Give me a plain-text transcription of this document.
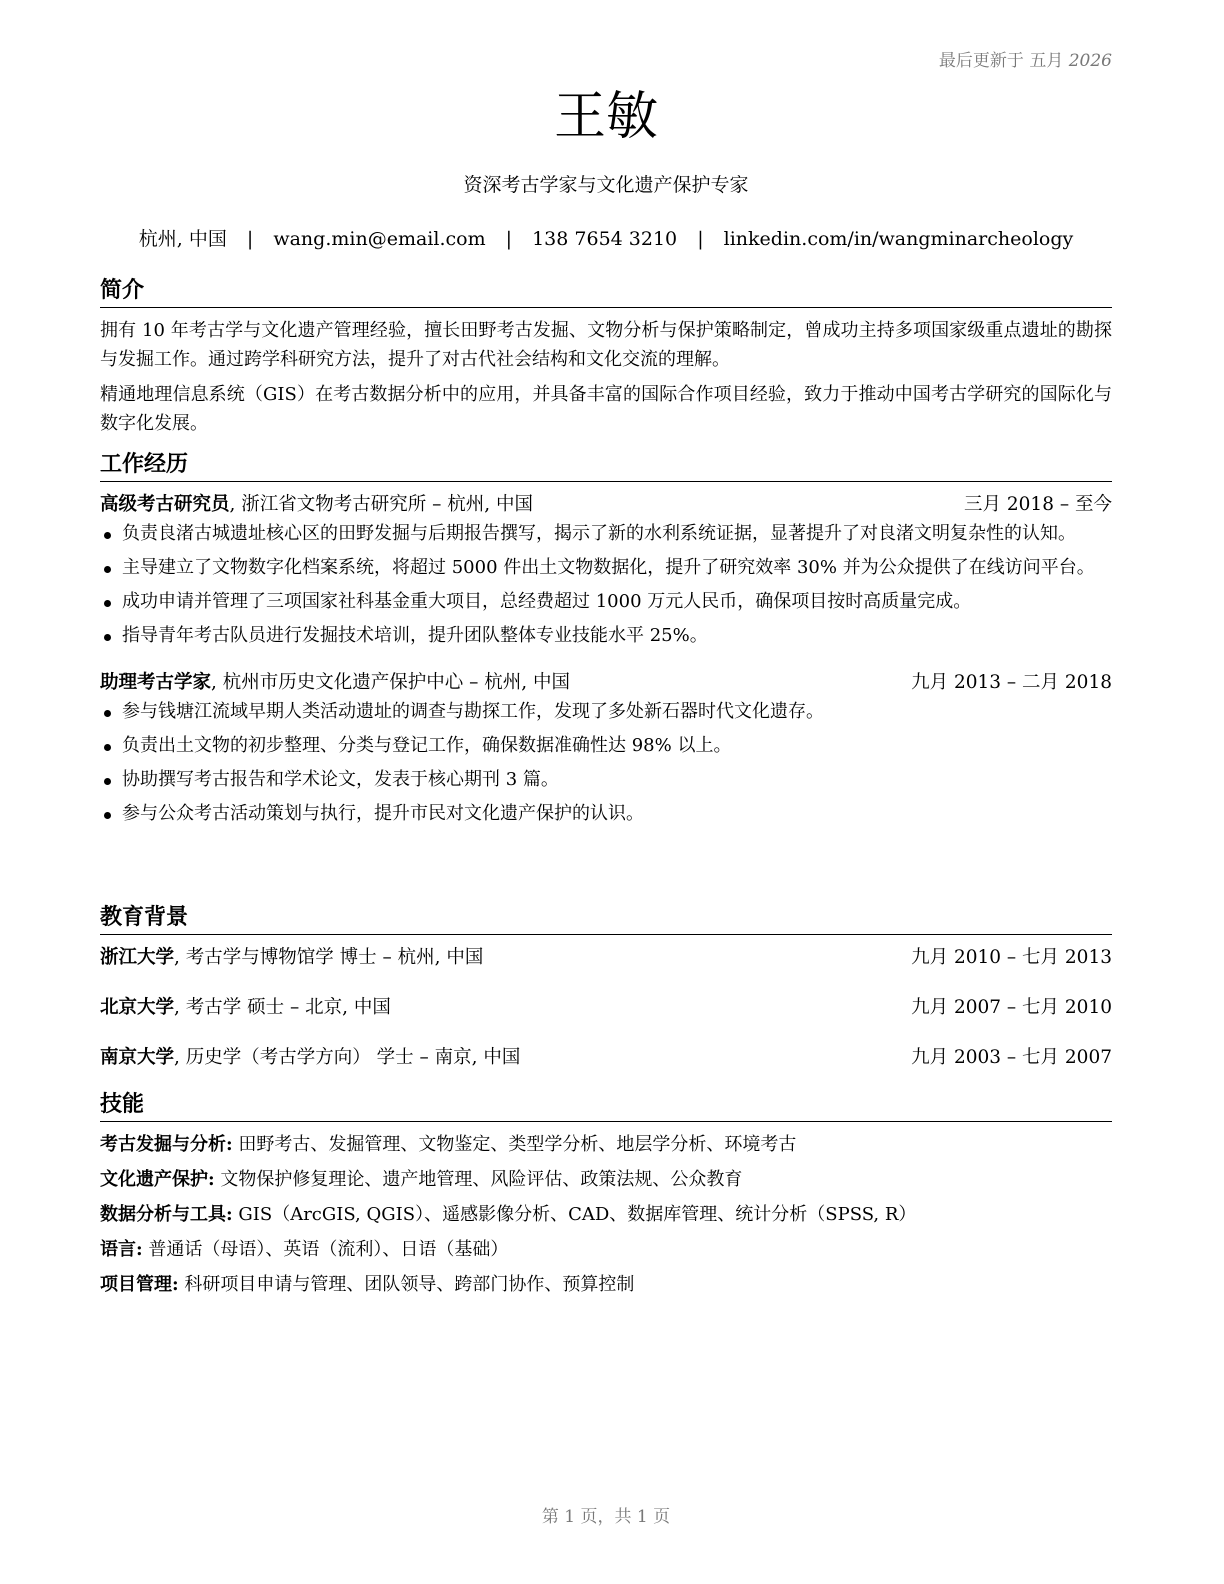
最后更新于 五月 2026
王敏
资深考古学家与文化遗产保护专家
杭州, 中国 | wang.min@email.com | 138 7654 3210 | linkedin.com/in/wangminarcheology
简介

拥有 10 年考古学与文化遗产管理经验，擅长田野考古发掘、文物分析与保护策略制定，曾成功主持多项国家级重点遗址的勘探与发掘工作。通过跨学科研究方法，提升了对古代社会结构和文化交流的理解。

精通地理信息系统（GIS）在考古数据分析中的应用，并具备丰富的国际合作项目经验，致力于推动中国考古学研究的国际化与数字化发展。

工作经历
高级考古研究员, 浙江省文物考古研究所 – 杭州, 中国	三月 2018 – 至今
负责良渚古城遗址核心区的田野发掘与后期报告撰写，揭示了新的水利系统证据，显著提升了对良渚文明复杂性的认知。
主导建立了文物数字化档案系统，将超过 5000 件出土文物数据化，提升了研究效率 30% 并为公众提供了在线访问平台。
成功申请并管理了三项国家社科基金重大项目，总经费超过 1000 万元人民币，确保项目按时高质量完成。
指导青年考古队员进行发掘技术培训，提升团队整体专业技能水平 25%。
助理考古学家, 杭州市历史文化遗产保护中心 – 杭州, 中国	九月 2013 – 二月 2018
参与钱塘江流域早期人类活动遗址的调查与勘探工作，发现了多处新石器时代文化遗存。
负责出土文物的初步整理、分类与登记工作，确保数据准确性达 98% 以上。
协助撰写考古报告和学术论文，发表于核心期刊 3 篇。
参与公众考古活动策划与执行，提升市民对文化遗产保护的认识。
教育背景
浙江大学, 考古学与博物馆学 博士 – 杭州, 中国	九月 2010 – 七月 2013
北京大学, 考古学 硕士 – 北京, 中国	九月 2007 – 七月 2010
南京大学, 历史学（考古学方向） 学士 – 南京, 中国	九月 2003 – 七月 2007
技能
考古发掘与分析: 田野考古、发掘管理、文物鉴定、类型学分析、地层学分析、环境考古
文化遗产保护: 文物保护修复理论、遗产地管理、风险评估、政策法规、公众教育
数据分析与工具: GIS（ArcGIS, QGIS）、遥感影像分析、CAD、数据库管理、统计分析（SPSS, R）
语言: 普通话（母语）、英语（流利）、日语（基础）
项目管理: 科研项目申请与管理、团队领导、跨部门协作、预算控制
第 1 页，共 1 页
